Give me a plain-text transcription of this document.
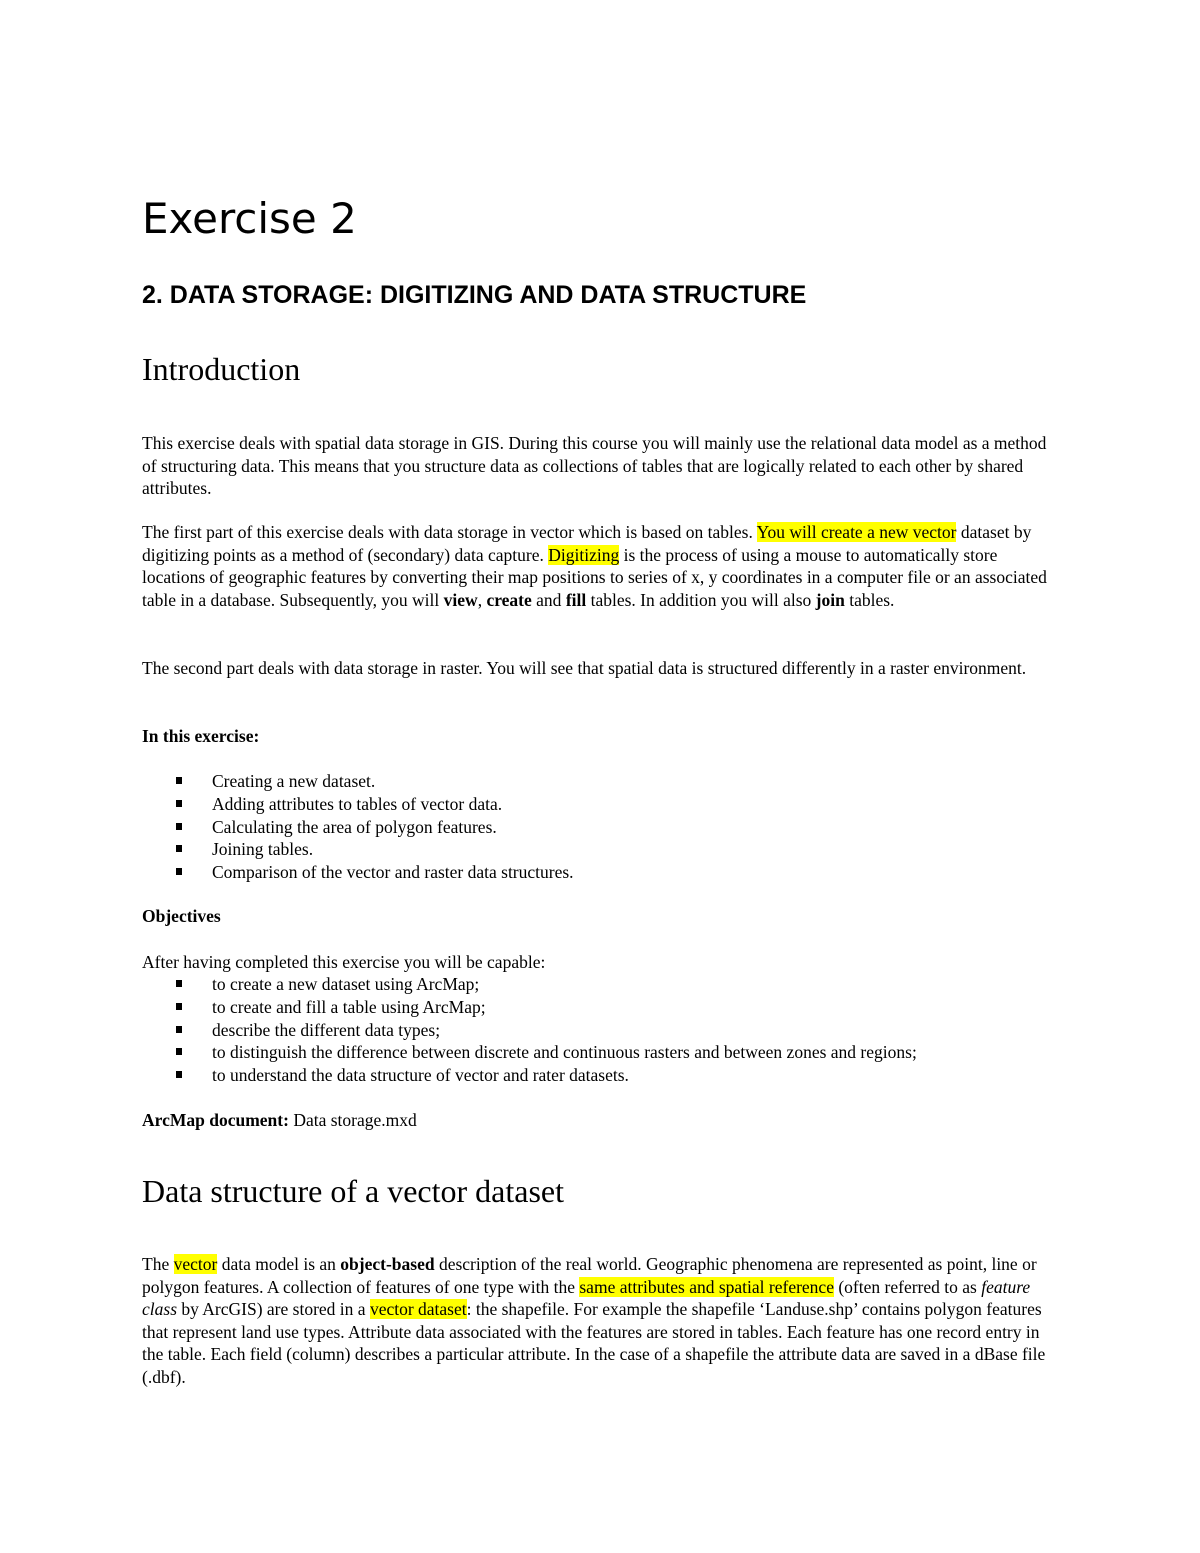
Exercise 2
2. DATA STORAGE: DIGITIZING AND DATA STRUCTURE
Introduction

This exercise deals with spatial data storage in GIS. During this course you will mainly use the relational data model as a method of structuring data. This means that you structure data as collections of tables that are logically related to each other by shared attributes.

The first part of this exercise deals with data storage in vector which is based on tables. You will create a new vector dataset by digitizing points as a method of (secondary) data capture. Digitizing is the process of using a mouse to automatically store locations of geographic features by converting their map positions to series of x, y coordinates in a computer file or an associated table in a database. Subsequently, you will view, create and fill tables. In addition you will also join tables.

The second part deals with data storage in raster. You will see that spatial data is structured differently in a raster environment.

In this exercise:
Creating a new dataset.
Adding attributes to tables of vector data.
Calculating the area of polygon features.
Joining tables.
Comparison of the vector and raster data structures.
Objectives

After having completed this exercise you will be capable:

to create a new dataset using ArcMap;
to create and fill a table using ArcMap;
describe the different data types;
to distinguish the difference between discrete and continuous rasters and between zones and regions;
to understand the data structure of vector and rater datasets.

ArcMap document: Data storage.mxd

Data structure of a vector dataset

The vector data model is an object-based description of the real world. Geographic phenomena are represented as point, line or polygon features. A collection of features of one type with the same attributes and spatial reference (often referred to as feature class by ArcGIS) are stored in a vector dataset: the shapefile. For example the shapefile ‘Landuse.shp’ contains polygon features that represent land use types. Attribute data associated with the features are stored in tables. Each feature has one record entry in the table. Each field (column) describes a particular attribute. In the case of a shapefile the attribute data are saved in a dBase file (.dbf).
